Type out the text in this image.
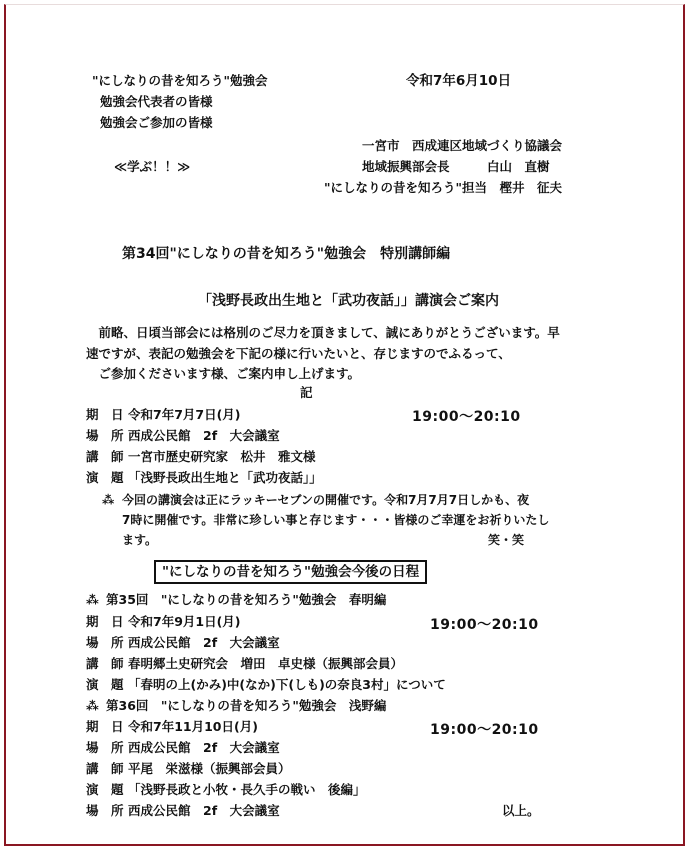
"にしなりの昔を知ろう"勉強会
勉強会代表者の皆様
勉強会ご参加の皆様
令和7年6月10日
一宮市　西成連区地域づくり協議会
≪学ぶ！！≫	地域振興部会長　　　白山　直樹
"にしなりの昔を知ろう"担当　樫井　征夫
第34回"にしなりの昔を知ろう"勉強会　特別講師編
「浅野長政出生地と「武功夜話」」講演会ご案内
　前略、日頃当部会には格別のご尽力を頂きまして、誠にありがとうございます。早
速ですが、表記の勉強会を下記の様に行いたいと、存じますのでふるって、
　ご参加くださいます様、ご案内申し上げます。
記
期　日 令和7年7月7日(月)	19:00～20:10
場　所 西成公民館　2f　大会議室
講　師 一宮市歴史研究家　松井　雅文様
演　題 「浅野長政出生地と「武功夜話」」
⁂ 今回の講演会は正にラッキーセブンの開催です。令和7月7月7日しかも、夜
7時に開催です。非常に珍しい事と存じます・・・皆様のご幸運をお祈りいたし
ます。	笑・笑
"にしなりの昔を知ろう"勉強会今後の日程
⁂ 第35回　"にしなりの昔を知ろう"勉強会　春明編
期　日 令和7年9月1日(月)	19:00～20:10
場　所 西成公民館　2f　大会議室
講　師 春明郷土史研究会　増田　卓史様（振興部会員）
演　題 「春明の上(かみ)中(なか)下(しも)の奈良3村」について
⁂ 第36回　"にしなりの昔を知ろう"勉強会　浅野編
期　日 令和7年11月10日(月)	19:00～20:10
場　所 西成公民館　2f　大会議室
講　師 平尾　栄滋様（振興部会員）
演　題 「浅野長政と小牧・長久手の戦い　後編」
場　所 西成公民館　2f　大会議室	以上。
